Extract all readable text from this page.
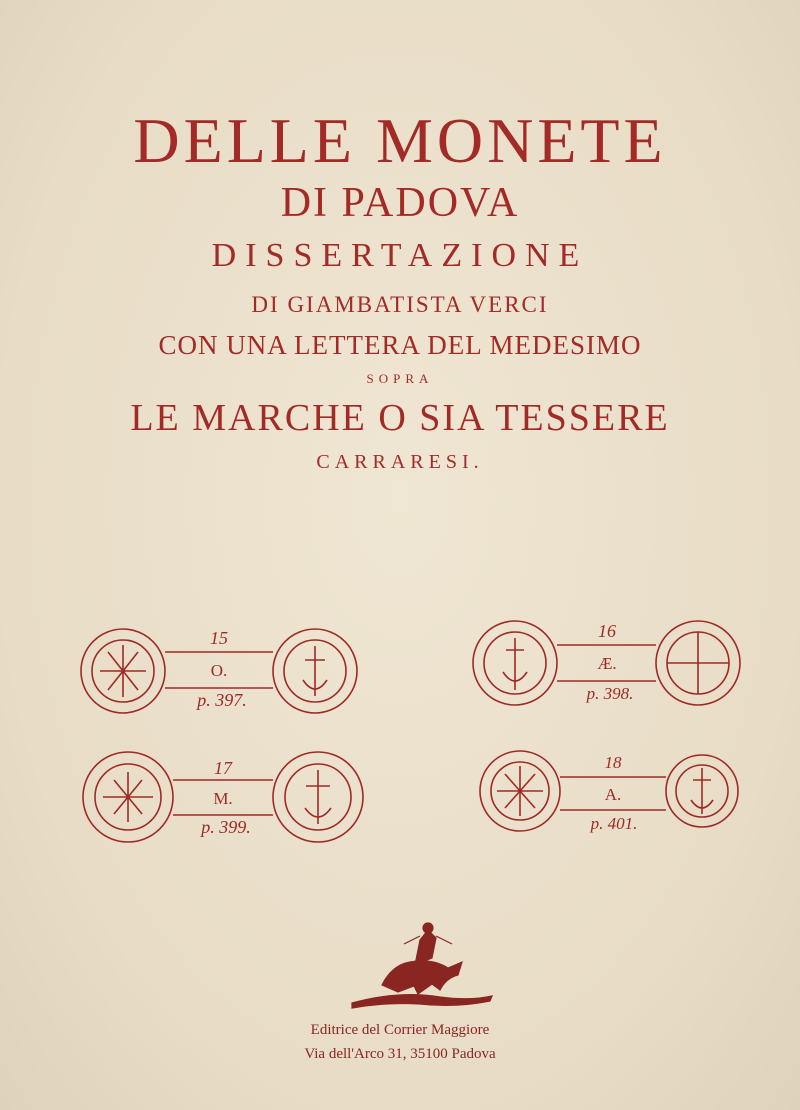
DELLE MONETE
DI PADOVA
DISSERTAZIONE
DI GIAMBATISTA VERCI
CON UNA LETTERA DEL MEDESIMO
SOPRA
LE MARCHE O SIA TESSERE
CARRARESI.
15
O.
p. 397.
16
Æ.
p. 398.
17
M.
p. 399.
18
A.
p. 401.
Editrice del Corrier Maggiore
Via dell'Arco 31, 35100 Padova
